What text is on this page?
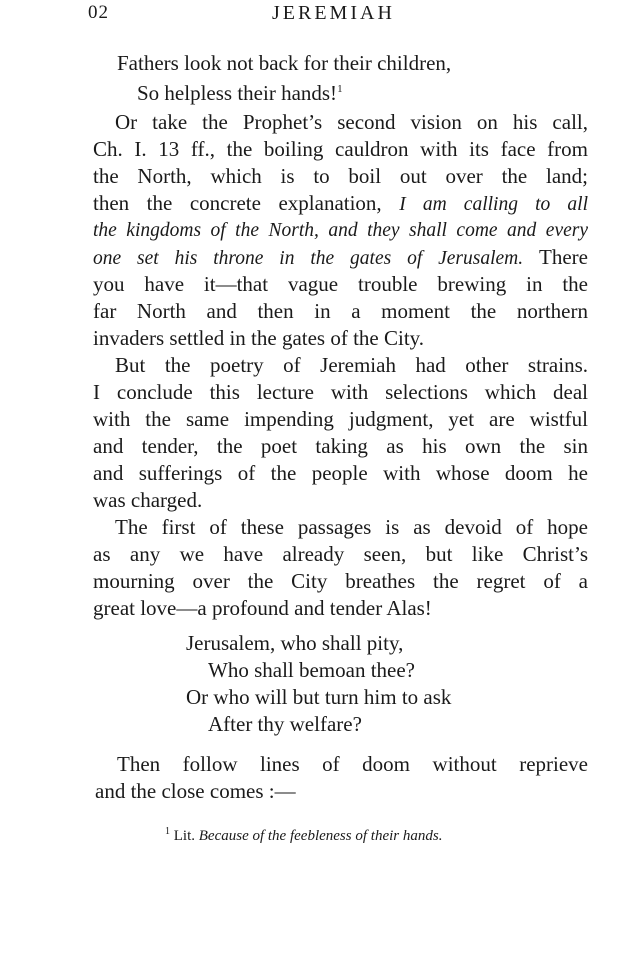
02	JEREMIAH
Fathers look not back for their children,
So helpless their hands!$^1$
Or take the Prophet’s second vision on his call,
Ch. I. 13 ff., the boiling cauldron with its face from
the North, which is to boil out over the land;
then the concrete explanation, I am calling to all
the kingdoms of the North, and they shall come and every
one set his throne in the gates of Jerusalem. There
you have it—that vague trouble brewing in the
far North and then in a moment the northern
invaders settled in the gates of the City.
But the poetry of Jeremiah had other strains.
I conclude this lecture with selections which deal
with the same impending judgment, yet are wistful
and tender, the poet taking as his own the sin
and sufferings of the people with whose doom he
was charged.
The first of these passages is as devoid of hope
as any we have already seen, but like Christ’s
mourning over the City breathes the regret of a
great love—a profound and tender Alas!
Jerusalem, who shall pity,
Who shall bemoan thee?
Or who will but turn him to ask
After thy welfare?
Then follow lines of doom without reprieve
and the close comes :—
$^1$ Lit. Because of the feebleness of their hands.
